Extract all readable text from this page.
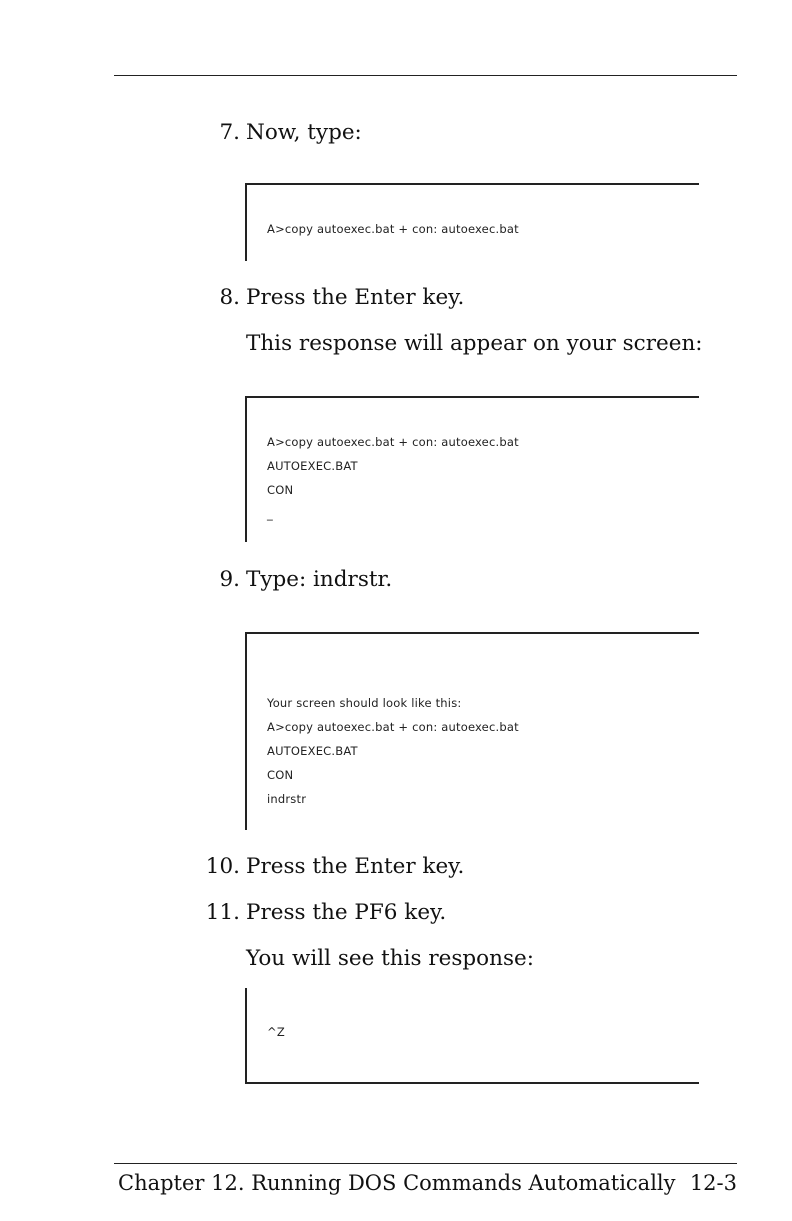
7. Now, type:
A>copy autoexec.bat + con: autoexec.bat
8. Press the Enter key.
This response will appear on your screen:
A>copy autoexec.bat + con: autoexec.bat
AUTOEXEC.BAT
CON
_
9. Type: indrstr.
Your screen should look like this:
A>copy autoexec.bat + con: autoexec.bat
AUTOEXEC.BAT
CON
indrstr
10. Press the Enter key.
11. Press the PF6 key.
You will see this response:
^Z
Chapter 12. Running DOS Commands Automatically 12-3
